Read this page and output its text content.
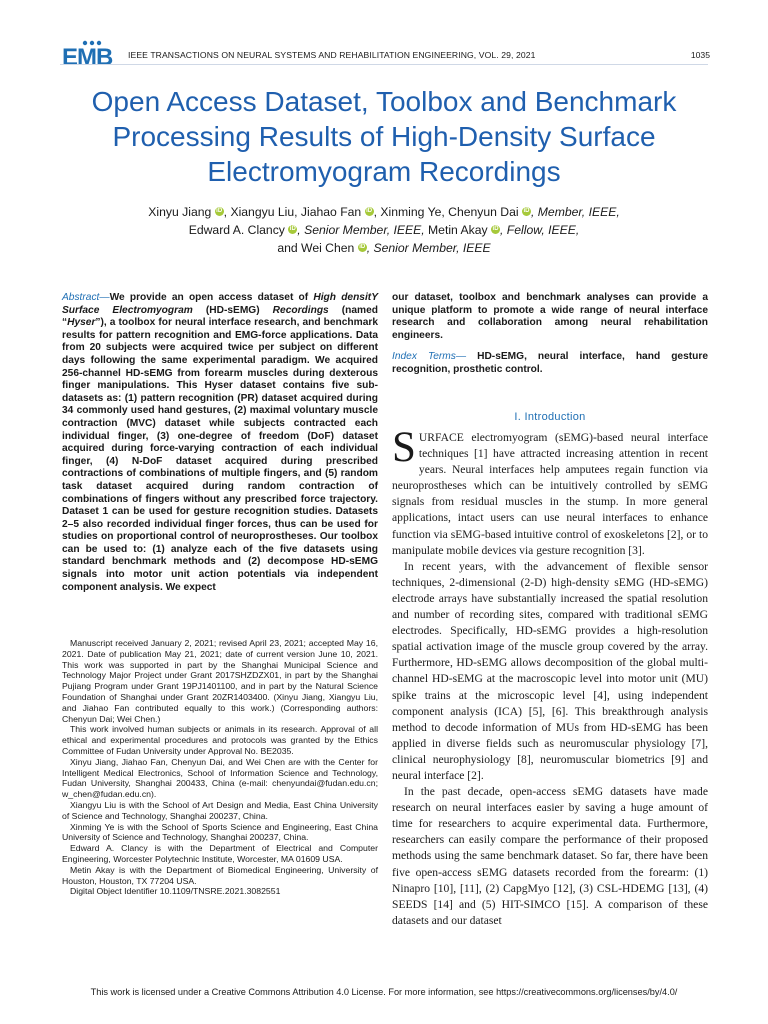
EMB IEEE TRANSACTIONS ON NEURAL SYSTEMS AND REHABILITATION ENGINEERING, VOL. 29, 2021	1035
Open Access Dataset, Toolbox and Benchmark Processing Results of High-Density Surface Electromyogram Recordings
Xinyu Jiang iD , Xiangyu Liu, Jiahao Fan iD , Xinming Ye, Chenyun Dai iD , Member, IEEE,
Edward A. Clancy iD , Senior Member, IEEE, Metin Akay iD , Fellow, IEEE,
and Wei Chen iD , Senior Member, IEEE
Abstract—We provide an open access dataset of High densitY Surface Electromyogram (HD-sEMG) Recordings (named “Hyser”), a toolbox for neural interface research, and benchmark results for pattern recognition and EMG-force applications. Data from 20 subjects were acquired twice per subject on different days following the same experimental paradigm. We acquired 256-channel HD-sEMG from forearm muscles during dexterous finger manipulations. This Hyser dataset contains five sub-datasets as: (1) pattern recognition (PR) dataset acquired during 34 commonly used hand gestures, (2) maximal voluntary muscle contraction (MVC) dataset while subjects contracted each individual finger, (3) one-degree of freedom (DoF) dataset acquired during force-varying contraction of each individual finger, (4) N-DoF dataset acquired during prescribed contractions of combinations of multiple fingers, and (5) random task dataset acquired during random contraction of combinations of fingers without any prescribed force trajectory. Dataset 1 can be used for gesture recognition studies. Datasets 2–5 also recorded individual finger forces, thus can be used for studies on proportional control of neuroprostheses. Our toolbox can be used to: (1) analyze each of the five datasets using standard benchmark methods and (2) decompose HD-sEMG signals into motor unit action potentials via independent component analysis. We expect

Manuscript received January 2, 2021; revised April 23, 2021; accepted May 16, 2021. Date of publication May 21, 2021; date of current version June 10, 2021. This work was supported in part by the Shanghai Municipal Science and Technology Major Project under Grant 2017SHZDZX01, in part by the Shanghai Pujiang Program under Grant 19PJ1401100, and in part by the Natural Science Foundation of Shanghai under Grant 20ZR1403400. (Xinyu Jiang, Xiangyu Liu, and Jiahao Fan contributed equally to this work.) (Corresponding authors: Chenyun Dai; Wei Chen.)

This work involved human subjects or animals in its research. Approval of all ethical and experimental procedures and protocols was granted by the Ethics Committee of Fudan University under Approval No. BE2035.

Xinyu Jiang, Jiahao Fan, Chenyun Dai, and Wei Chen are with the Center for Intelligent Medical Electronics, School of Information Science and Technology, Fudan University, Shanghai 200433, China (e-mail: chenyundai@fudan.edu.cn; w_chen@fudan.edu.cn).

Xiangyu Liu is with the School of Art Design and Media, East China University of Science and Technology, Shanghai 200237, China.

Xinming Ye is with the School of Sports Science and Engineering, East China University of Science and Technology, Shanghai 200237, China.

Edward A. Clancy is with the Department of Electrical and Computer Engineering, Worcester Polytechnic Institute, Worcester, MA 01609 USA.

Metin Akay is with the Department of Biomedical Engineering, University of Houston, Houston, TX 77204 USA.

Digital Object Identifier 10.1109/TNSRE.2021.3082551

our dataset, toolbox and benchmark analyses can provide a unique platform to promote a wide range of neural interface research and collaboration among neural rehabilitation engineers.
Index Terms— HD-sEMG, neural interface, hand gesture recognition, prosthetic control.
I. Introduction

SURFACE electromyogram (sEMG)-based neural interface techniques [1] have attracted increasing attention in recent years. Neural interfaces help amputees regain function via neuroprostheses which can be intuitively controlled by sEMG signals from residual muscles in the stump. In more general applications, intact users can use neural interfaces to enhance function via sEMG-based intuitive control of exoskeletons [2], or to manipulate mobile devices via gesture recognition [3].

In recent years, with the advancement of flexible sensor techniques, 2-dimensional (2-D) high-density sEMG (HD-sEMG) electrode arrays have substantially increased the spatial resolution and number of recording sites, compared with traditional sEMG electrodes. Specifically, HD-sEMG provides a high-resolution spatial activation image of the muscle group covered by the array. Furthermore, HD-sEMG allows decomposition of the global multi-channel HD-sEMG at the macroscopic level into motor unit (MU) spike trains at the microscopic level [4], using independent component analysis (ICA) [5], [6]. This breakthrough analysis method to decode information of MUs from HD-sEMG has been applied in diverse fields such as neuromuscular physiology [7], clinical neurophysiology [8], neuromuscular biometrics [9] and neural interface [2].

In the past decade, open-access sEMG datasets have made research on neural interfaces easier by saving a huge amount of time for researchers to acquire experimental data. Furthermore, researchers can easily compare the performance of their proposed methods using the same benchmark dataset. So far, there have been five open-access sEMG datasets recorded from the forearm: (1) Ninapro [10], [11], (2) CapgMyo [12], (3) CSL-HDEMG [13], (4) SEEDS [14] and (5) HIT-SIMCO [15]. A comparison of these datasets and our dataset

This work is licensed under a Creative Commons Attribution 4.0 License. For more information, see https://creativecommons.org/licenses/by/4.0/
